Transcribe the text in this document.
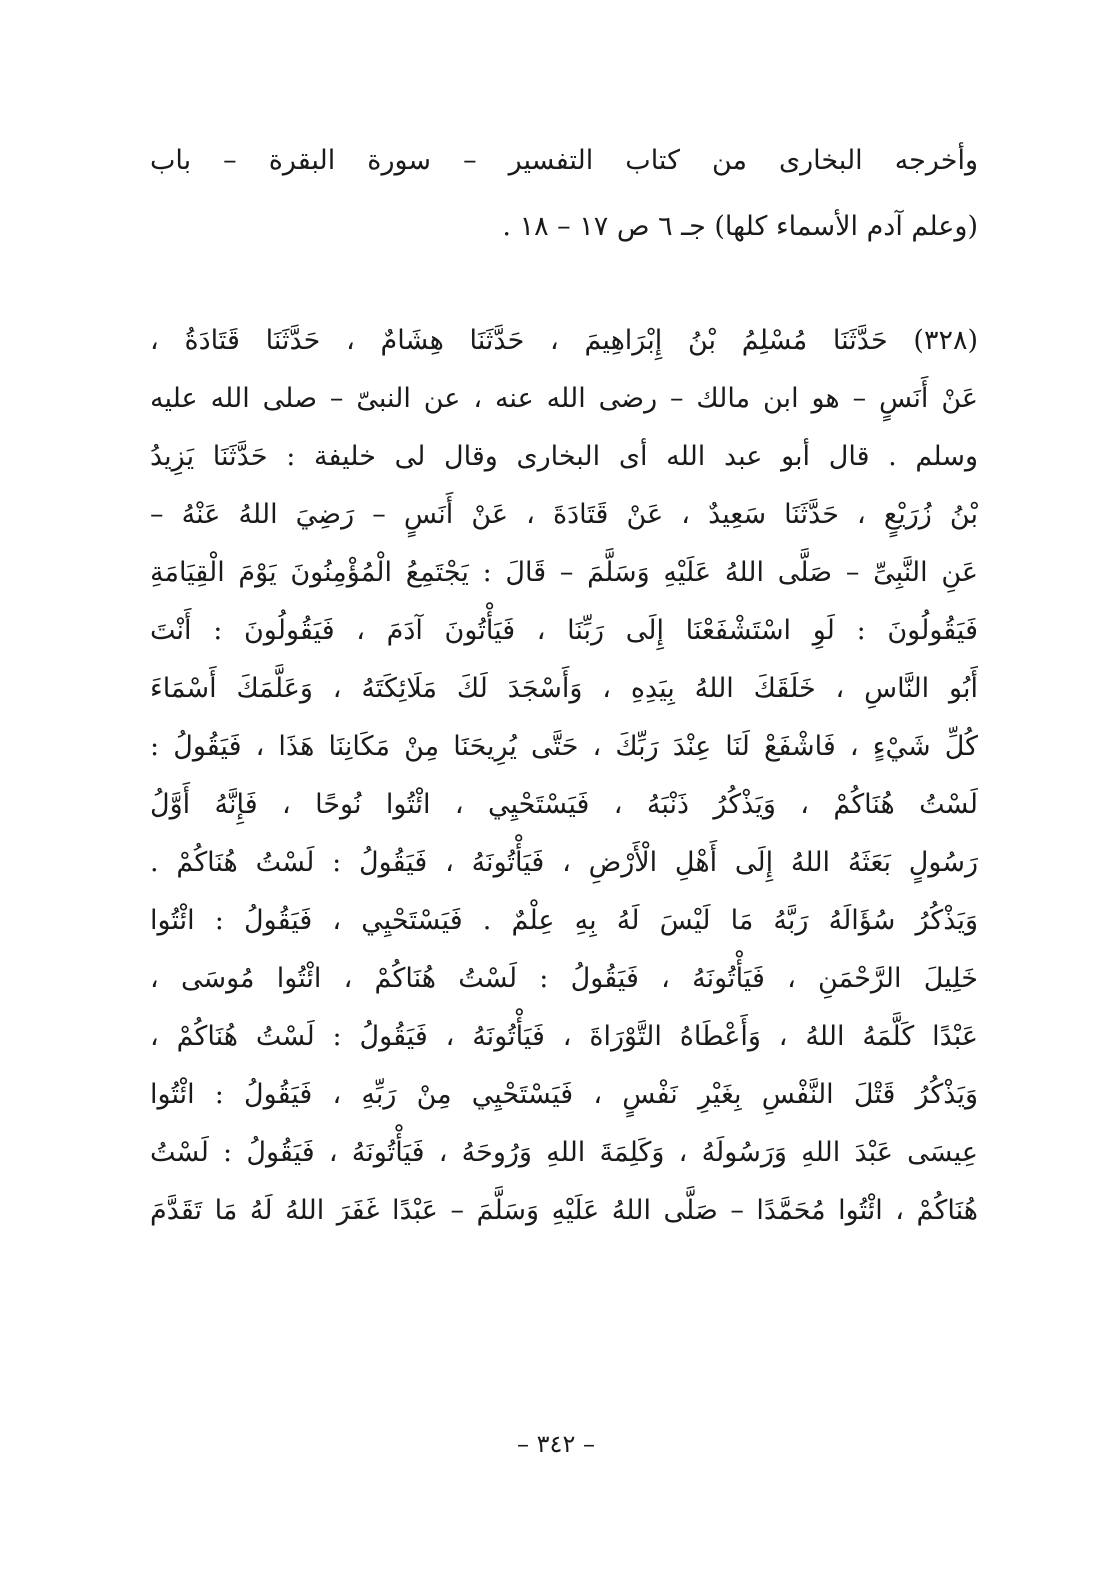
وأخرجه البخارى من كتاب التفسير – سورة البقرة – باب
(وعلم آدم الأسماء كلها) جـ ٦ ص ١٧ – ١٨ .
(٣٢٨) حَدَّثَنَا مُسْلِمُ بْنُ إِبْرَاهِيمَ ، حَدَّثَنَا هِشَامٌ ، حَدَّثَنَا قَتَادَةُ ،
عَنْ أَنَسٍ – هو ابن مالك – رضى الله عنه ، عن النبىّ – صلى الله عليه
وسلم . قال أبو عبد الله أى البخارى وقال لى خليفة : حَدَّثَنَا يَزِيدُ
بْنُ زُرَيْعٍ ، حَدَّثَنَا سَعِيدٌ ، عَنْ قَتَادَةَ ، عَنْ أَنَسٍ – رَضِيَ اللهُ عَنْهُ –
عَنِ النَّبِىِّ – صَلَّى اللهُ عَلَيْهِ وَسَلَّمَ – قَالَ : يَجْتَمِعُ الْمُؤْمِنُونَ يَوْمَ الْقِيَامَةِ
فَيَقُولُونَ : لَوِ اسْتَشْفَعْنَا إِلَى رَبِّنَا ، فَيَأْتُونَ آدَمَ ، فَيَقُولُونَ : أَنْتَ
أَبُو النَّاسِ ، خَلَقَكَ اللهُ بِيَدِهِ ، وَأَسْجَدَ لَكَ مَلَائِكَتَهُ ، وَعَلَّمَكَ أَسْمَاءَ
كُلِّ شَيْءٍ ، فَاشْفَعْ لَنَا عِنْدَ رَبِّكَ ، حَتَّى يُرِيحَنَا مِنْ مَكَانِنَا هَذَا ، فَيَقُولُ :
لَسْتُ هُنَاكُمْ ، وَيَذْكُرُ ذَنْبَهُ ، فَيَسْتَحْيِي ، ائْتُوا نُوحًا ، فَإِنَّهُ أَوَّلُ
رَسُولٍ بَعَثَهُ اللهُ إِلَى أَهْلِ الْأَرْضِ ، فَيَأْتُونَهُ ، فَيَقُولُ : لَسْتُ هُنَاكُمْ .
وَيَذْكُرُ سُؤَالَهُ رَبَّهُ مَا لَيْسَ لَهُ بِهِ عِلْمٌ . فَيَسْتَحْيِي ، فَيَقُولُ : ائْتُوا
خَلِيلَ الرَّحْمَنِ ، فَيَأْتُونَهُ ، فَيَقُولُ : لَسْتُ هُنَاكُمْ ، ائْتُوا مُوسَى ،
عَبْدًا كَلَّمَهُ اللهُ ، وَأَعْطَاهُ التَّوْرَاةَ ، فَيَأْتُونَهُ ، فَيَقُولُ : لَسْتُ هُنَاكُمْ ،
وَيَذْكُرُ قَتْلَ النَّفْسِ بِغَيْرِ نَفْسٍ ، فَيَسْتَحْيِي مِنْ رَبِّهِ ، فَيَقُولُ : ائْتُوا
عِيسَى عَبْدَ اللهِ وَرَسُولَهُ ، وَكَلِمَةَ اللهِ وَرُوحَهُ ، فَيَأْتُونَهُ ، فَيَقُولُ : لَسْتُ
هُنَاكُمْ ، ائْتُوا مُحَمَّدًا – صَلَّى اللهُ عَلَيْهِ وَسَلَّمَ – عَبْدًا غَفَرَ اللهُ لَهُ مَا تَقَدَّمَ
– ٣٤٢ –
